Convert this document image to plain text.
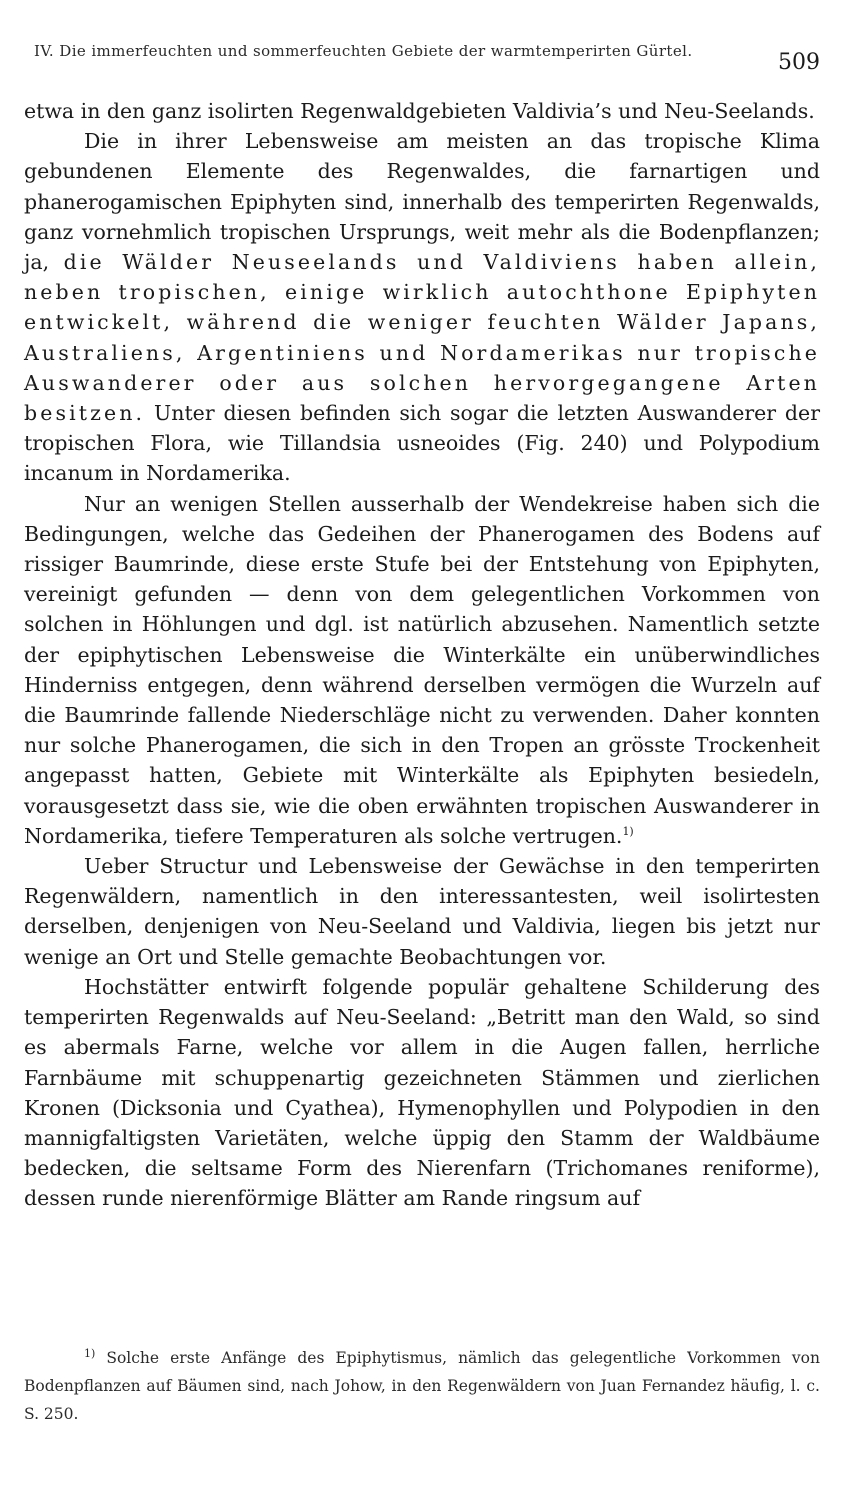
IV. Die immerfeuchten und sommerfeuchten Gebiete der warmtemperirten Gürtel.	509

etwa in den ganz isolirten Regenwaldgebieten Valdivia’s und Neu-Seelands.

Die in ihrer Lebensweise am meisten an das tropische Klima gebundenen Elemente des Regenwaldes, die farnartigen und phanerogamischen Epiphyten sind, innerhalb des temperirten Regenwalds, ganz vornehmlich tropischen Ursprungs, weit mehr als die Bodenpflanzen; ja, die Wälder Neuseelands und Valdiviens haben allein, neben tropischen, einige wirklich autochthone Epiphyten entwickelt, während die weniger feuchten Wälder Japans, Australiens, Argentiniens und Nordamerikas nur tropische Auswanderer oder aus solchen hervorgegangene Arten besitzen. Unter diesen befinden sich sogar die letzten Auswanderer der tropischen Flora, wie Tillandsia usneoides (Fig. 240) und Polypodium incanum in Nordamerika.

Nur an wenigen Stellen ausserhalb der Wendekreise haben sich die Bedingungen, welche das Gedeihen der Phanerogamen des Bodens auf rissiger Baumrinde, diese erste Stufe bei der Entstehung von Epiphyten, vereinigt gefunden — denn von dem gelegentlichen Vorkommen von solchen in Höhlungen und dgl. ist natürlich abzusehen. Namentlich setzte der epiphytischen Lebensweise die Winterkälte ein unüberwindliches Hinderniss entgegen, denn während derselben vermögen die Wurzeln auf die Baumrinde fallende Niederschläge nicht zu verwenden. Daher konnten nur solche Phanerogamen, die sich in den Tropen an grösste Trockenheit angepasst hatten, Gebiete mit Winterkälte als Epiphyten besiedeln, vorausgesetzt dass sie, wie die oben erwähnten tropischen Auswanderer in Nordamerika, tiefere Temperaturen als solche vertrugen.$^{1)}$

Ueber Structur und Lebensweise der Gewächse in den temperirten Regenwäldern, namentlich in den interessantesten, weil isolirtesten derselben, denjenigen von Neu-Seeland und Valdivia, liegen bis jetzt nur wenige an Ort und Stelle gemachte Beobachtungen vor.

Hochstätter entwirft folgende populär gehaltene Schilderung des temperirten Regenwalds auf Neu-Seeland: „Betritt man den Wald, so sind es abermals Farne, welche vor allem in die Augen fallen, herrliche Farnbäume mit schuppenartig gezeichneten Stämmen und zierlichen Kronen (Dicksonia und Cyathea), Hymenophyllen und Polypodien in den mannigfaltigsten Varietäten, welche üppig den Stamm der Waldbäume bedecken, die seltsame Form des Nierenfarn (Trichomanes reniforme), dessen runde nierenförmige Blätter am Rande ringsum auf

$^{1)}$ Solche erste Anfänge des Epiphytismus, nämlich das gelegentliche Vorkommen von Bodenpflanzen auf Bäumen sind, nach Johow, in den Regenwäldern von Juan Fernandez häufig, l. c. S. 250.
